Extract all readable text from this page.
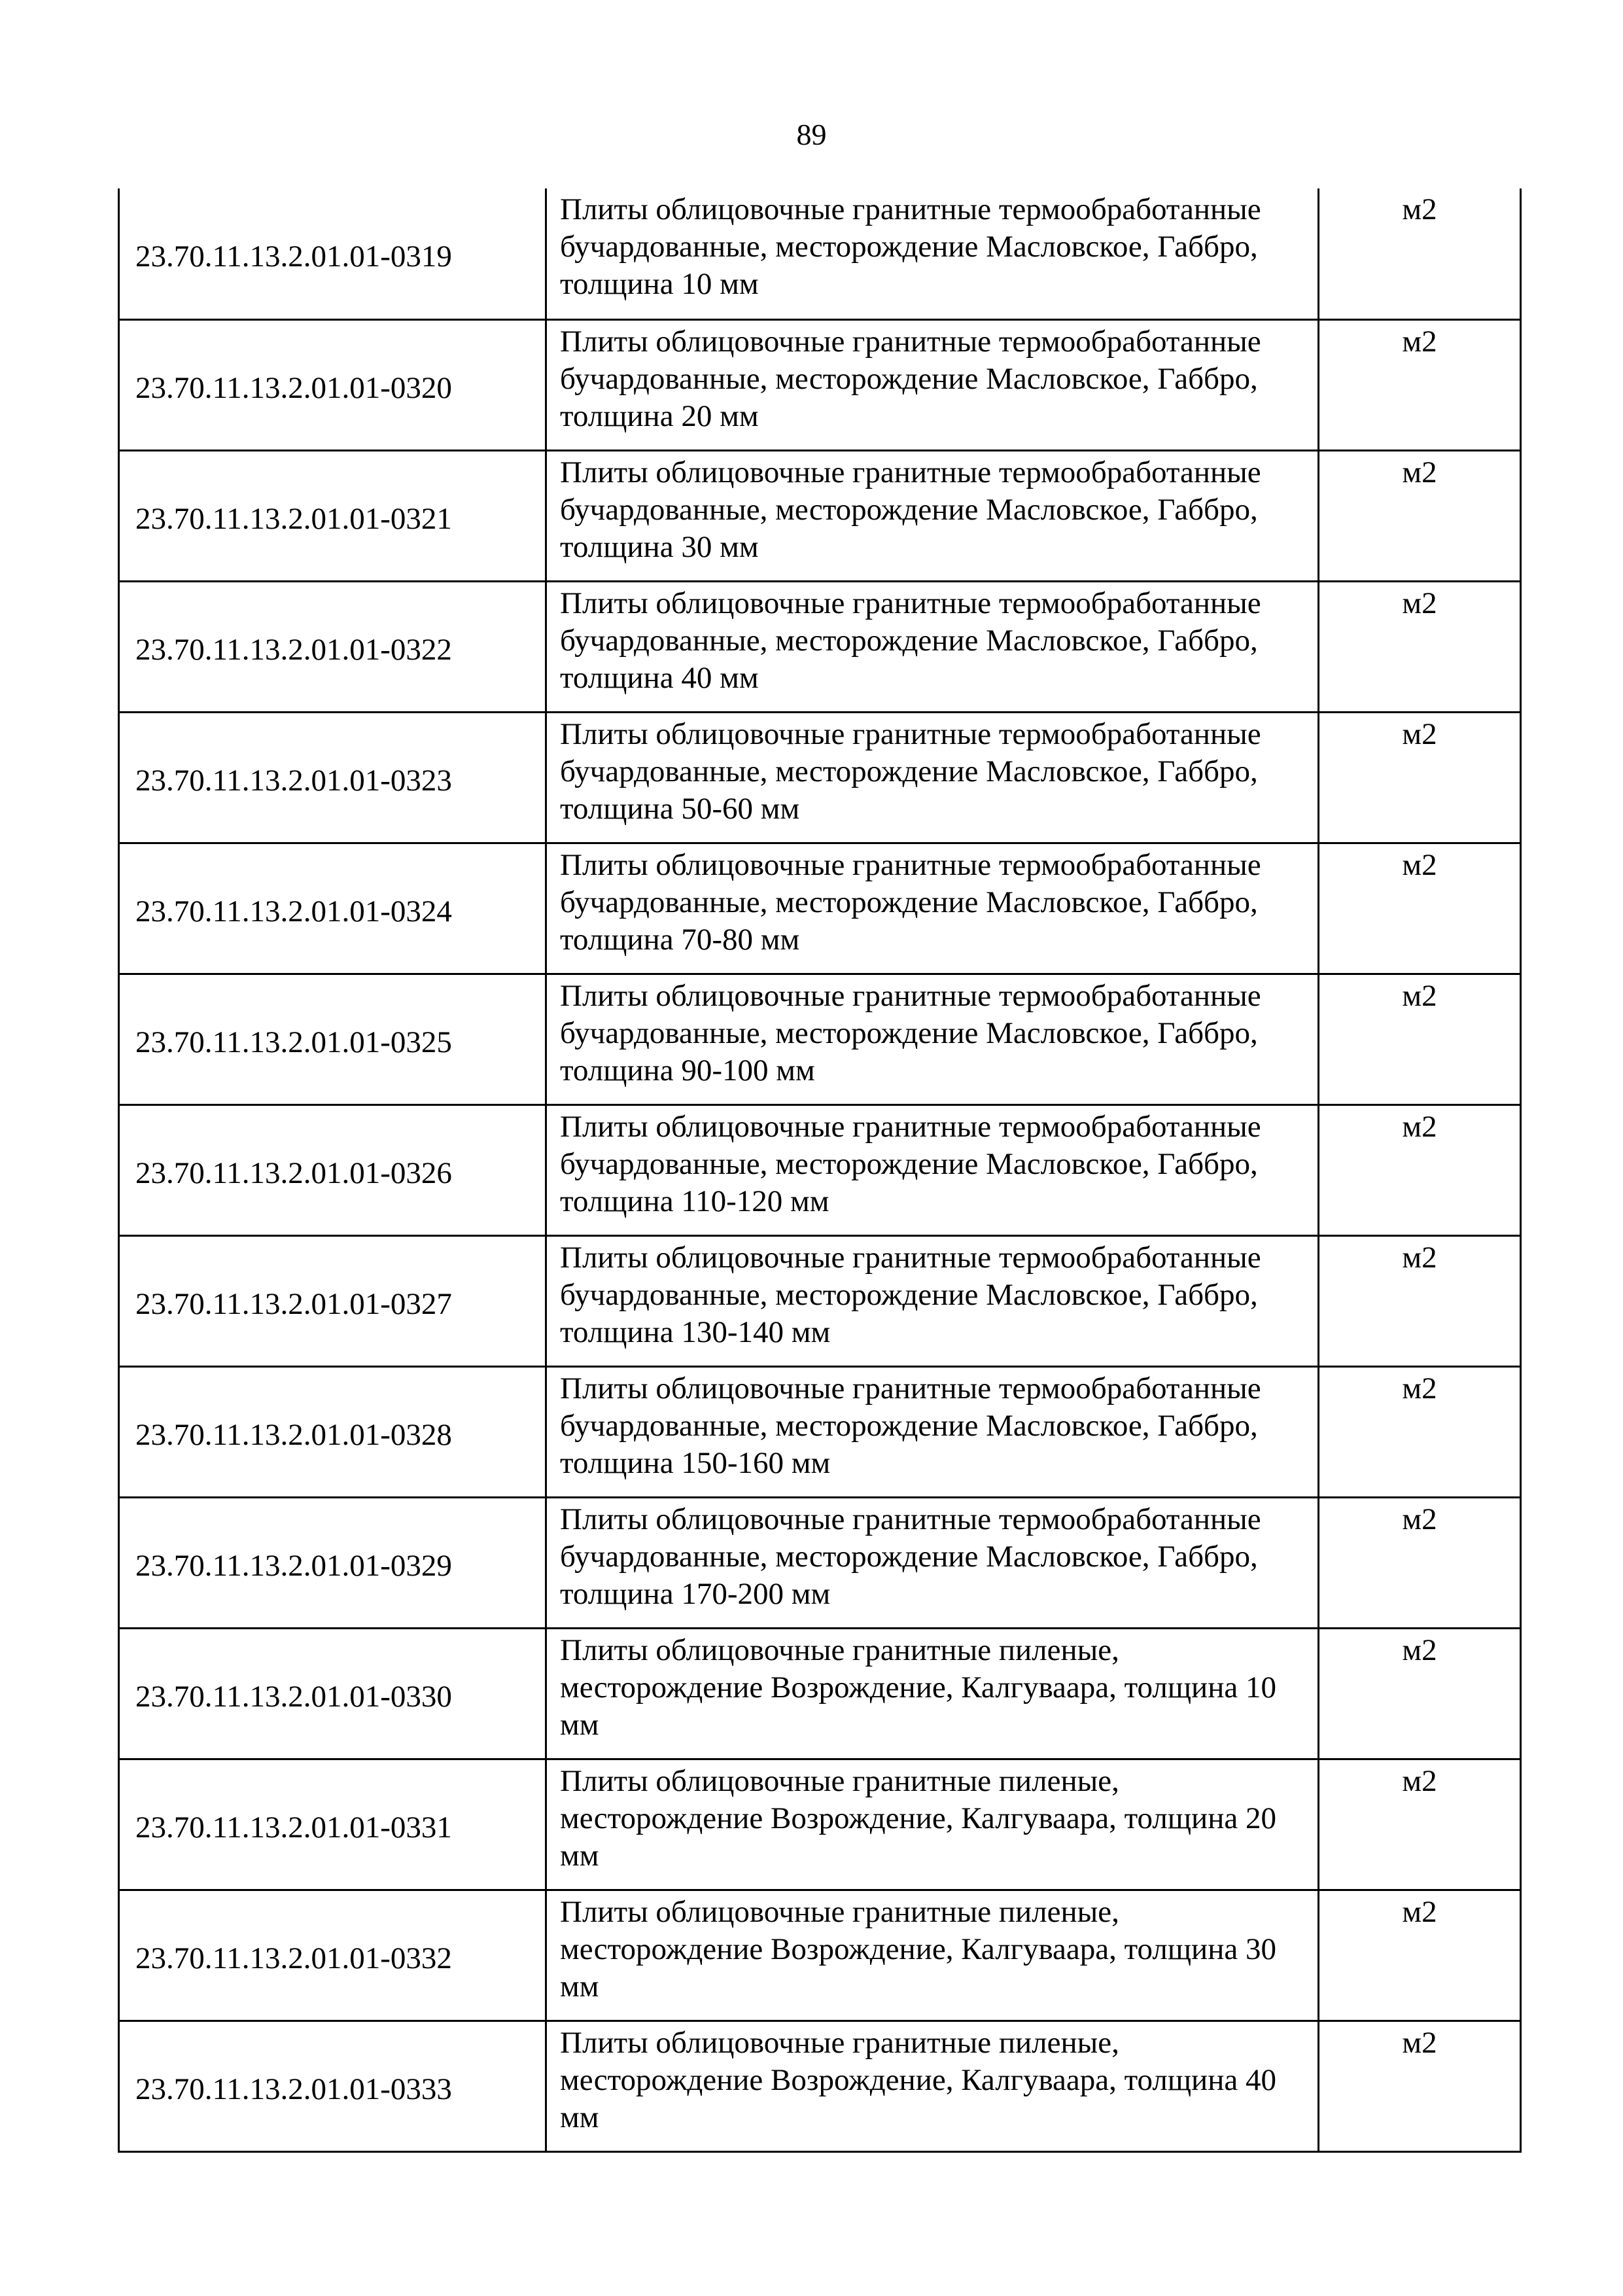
89
23.70.11.13.2.01.01-0319	Плиты облицовочные гранитные термообработанные бучардованные, месторождение Масловское, Габбро, толщина 10 мм	м2
23.70.11.13.2.01.01-0320	Плиты облицовочные гранитные термообработанные бучардованные, месторождение Масловское, Габбро, толщина 20 мм	м2
23.70.11.13.2.01.01-0321	Плиты облицовочные гранитные термообработанные бучардованные, месторождение Масловское, Габбро, толщина 30 мм	м2
23.70.11.13.2.01.01-0322	Плиты облицовочные гранитные термообработанные бучардованные, месторождение Масловское, Габбро, толщина 40 мм	м2
23.70.11.13.2.01.01-0323	Плиты облицовочные гранитные термообработанные бучардованные, месторождение Масловское, Габбро, толщина 50-60 мм	м2
23.70.11.13.2.01.01-0324	Плиты облицовочные гранитные термообработанные бучардованные, месторождение Масловское, Габбро, толщина 70-80 мм	м2
23.70.11.13.2.01.01-0325	Плиты облицовочные гранитные термообработанные бучардованные, месторождение Масловское, Габбро, толщина 90-100 мм	м2
23.70.11.13.2.01.01-0326	Плиты облицовочные гранитные термообработанные бучардованные, месторождение Масловское, Габбро, толщина 110-120 мм	м2
23.70.11.13.2.01.01-0327	Плиты облицовочные гранитные термообработанные бучардованные, месторождение Масловское, Габбро, толщина 130-140 мм	м2
23.70.11.13.2.01.01-0328	Плиты облицовочные гранитные термообработанные бучардованные, месторождение Масловское, Габбро, толщина 150-160 мм	м2
23.70.11.13.2.01.01-0329	Плиты облицовочные гранитные термообработанные бучардованные, месторождение Масловское, Габбро, толщина 170-200 мм	м2
23.70.11.13.2.01.01-0330	Плиты облицовочные гранитные пиленые, месторождение Возрождение, Калгуваара, толщина 10 мм	м2
23.70.11.13.2.01.01-0331	Плиты облицовочные гранитные пиленые, месторождение Возрождение, Калгуваара, толщина 20 мм	м2
23.70.11.13.2.01.01-0332	Плиты облицовочные гранитные пиленые, месторождение Возрождение, Калгуваара, толщина 30 мм	м2
23.70.11.13.2.01.01-0333	Плиты облицовочные гранитные пиленые, месторождение Возрождение, Калгуваара, толщина 40 мм	м2
